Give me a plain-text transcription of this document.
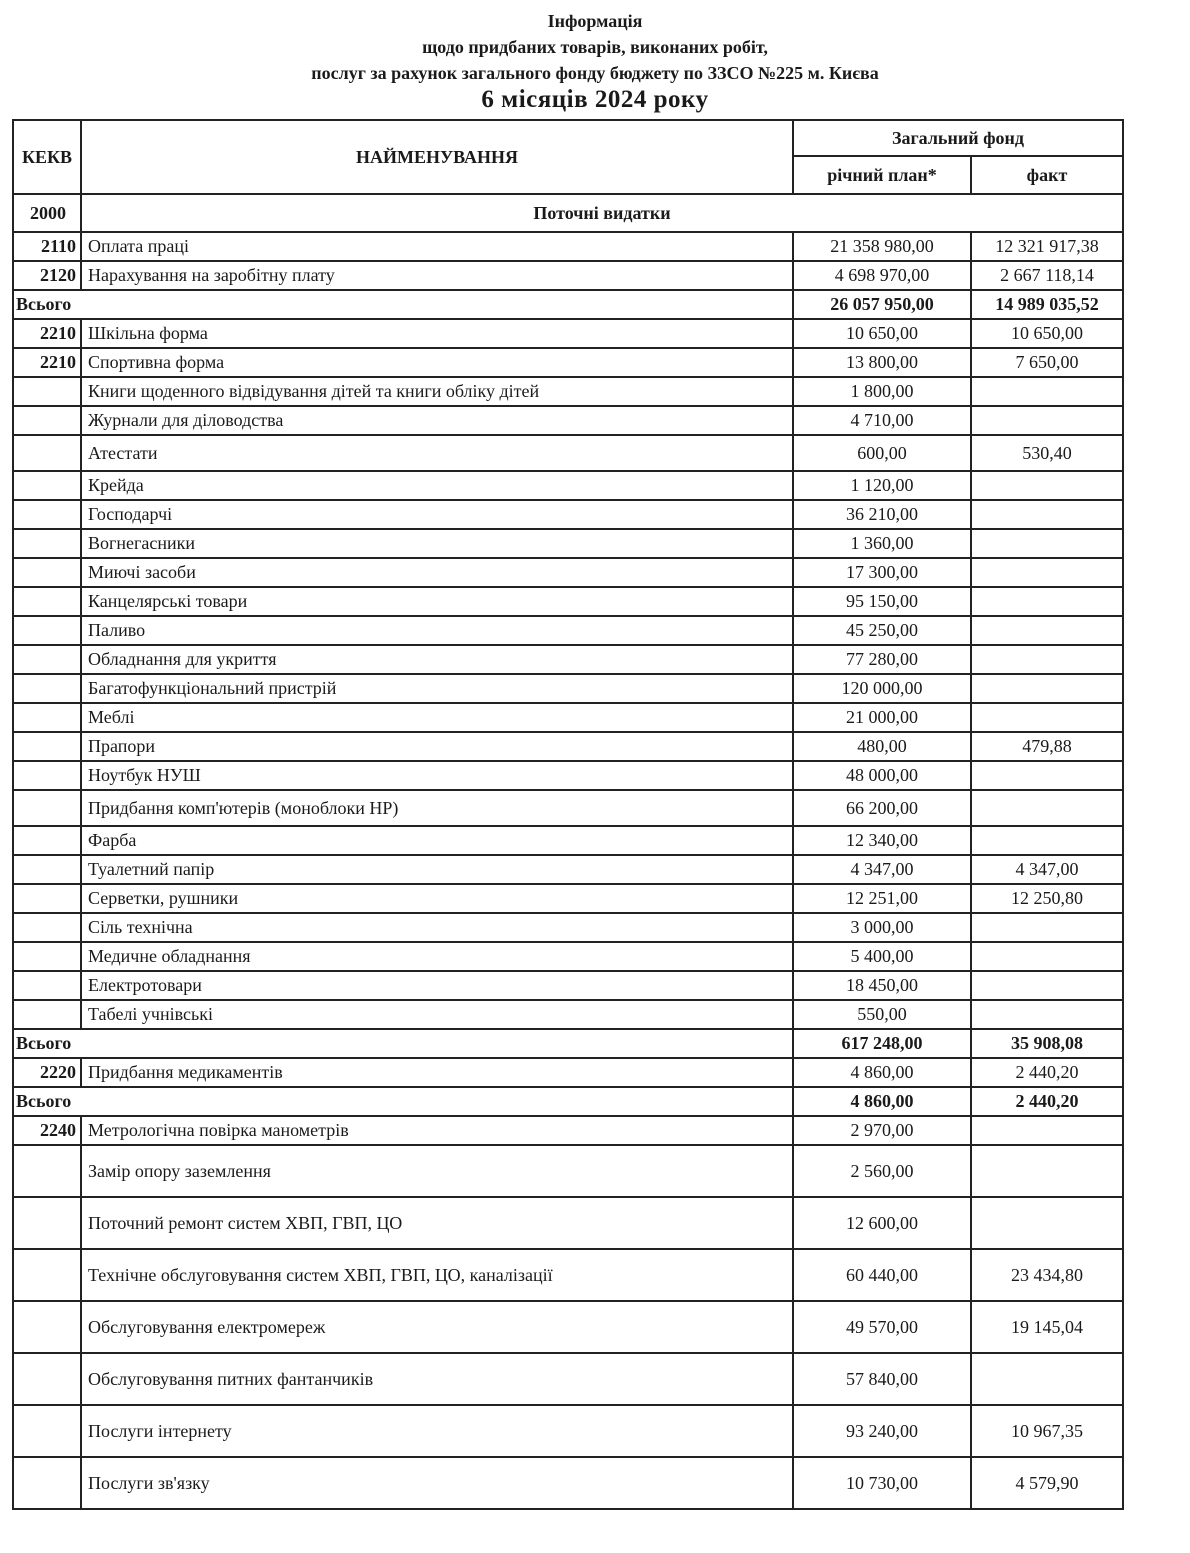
Інформація
щодо придбаних товарів, виконаних робіт,
послуг за рахунок загального фонду бюджету по ЗЗСО №225 м. Києва
6 місяців 2024 року
КЕКВ	НАЙМЕНУВАННЯ	Загальний фонд	
		річний план*	факт
2000	Поточні видатки		
2110	Оплата праці	21 358 980,00	12 321 917,38
2120	Нарахування на заробітну плату	4 698 970,00	2 667 118,14
Всього		26 057 950,00	14 989 035,52
2210	Шкільна форма	10 650,00	10 650,00
2210	Спортивна форма	13 800,00	7 650,00
	Книги щоденного відвідування дітей та книги обліку дітей	1 800,00	
	Журнали для діловодства	4 710,00	
	Атестати	600,00	530,40
	Крейда	1 120,00	
	Господарчі	36 210,00	
	Вогнегасники	1 360,00	
	Миючі засоби	17 300,00	
	Канцелярські товари	95 150,00	
	Паливо	45 250,00	
	Обладнання для укриття	77 280,00	
	Багатофункціональний пристрій	120 000,00	
	Меблі	21 000,00	
	Прапори	480,00	479,88
	Ноутбук НУШ	48 000,00	
	Придбання комп'ютерів (моноблоки НР)	66 200,00	
	Фарба	12 340,00	
	Туалетний папір	4 347,00	4 347,00
	Серветки, рушники	12 251,00	12 250,80
	Сіль технічна	3 000,00	
	Медичне обладнання	5 400,00	
	Електротовари	18 450,00	
	Табелі учнівські	550,00	
Всього		617 248,00	35 908,08
2220	Придбання медикаментів	4 860,00	2 440,20
Всього		4 860,00	2 440,20
2240	Метрологічна повірка манометрів	2 970,00	
	Замір опору заземлення	2 560,00	
	Поточний ремонт систем ХВП, ГВП, ЦО	12 600,00	
	Технічне обслуговування систем ХВП, ГВП, ЦО, каналізації	60 440,00	23 434,80
	Обслуговування електромереж	49 570,00	19 145,04
	Обслуговування питних фантанчиків	57 840,00	
	Послуги інтернету	93 240,00	10 967,35
	Послуги зв'язку	10 730,00	4 579,90
